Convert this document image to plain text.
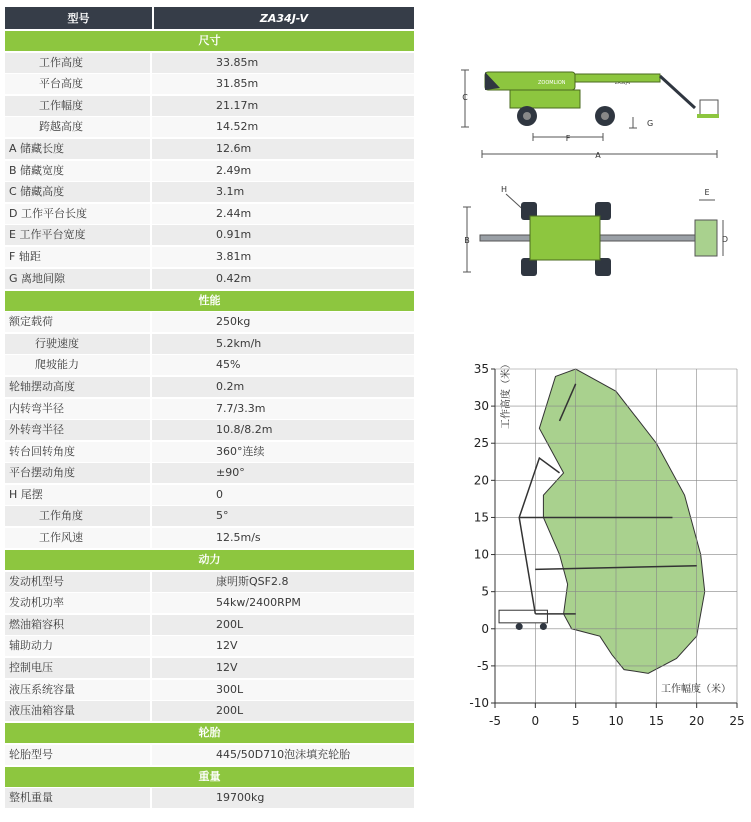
型号	ZA34J-V
尺寸
工作高度	33.85m
平台高度	31.85m
工作幅度	21.17m
跨越高度	14.52m
A 储藏长度	12.6m
B 储藏宽度	2.49m
C 储藏高度	3.1m
D 工作平台长度	2.44m
E 工作平台宽度	0.91m
F 轴距	3.81m
G 离地间隙	0.42m
性能
额定载荷	250kg
行驶速度	5.2km/h
爬坡能力	45%
轮轴摆动高度	0.2m
内转弯半径	7.7/3.3m
外转弯半径	10.8/8.2m
转台回转角度	360°连续
平台摆动角度	±90°
H 尾摆	0
工作角度	5°
工作风速	12.5m/s
动力
发动机型号	康明斯QSF2.8
发动机功率	54kw/2400RPM
燃油箱容积	200L
辅助动力	12V
控制电压	12V
液压系统容量	300L
液压油箱容量	200L
轮胎
轮胎型号	445/50D710泡沫填充轮胎
重量
整机重量	19700kg
C
ZOOMLION
G
F
A
B
H	E
D
-5	0	5 10 15 20 25
-10
-5
0
5
10
15
20
25
30
35 工作高度（米）
工作幅度（米）
